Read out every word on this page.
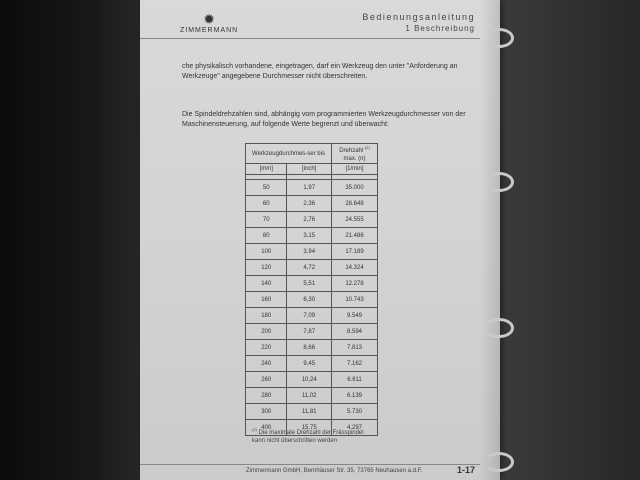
✹
ZIMMERMANN
Bedienungsanleitung
1 Beschreibung
che physikalisch vorhandene, eingetragen, darf ein Werkzeug den unter "Anforderung an Werkzeuge" angegebene Durchmesser nicht überschreiten.
Die Spindeldrehzahlen sind, abhängig vom programmierten Werkzeugdurchmesser von der Maschinensteuerung, auf folgende Werte begrenzt und überwacht:
Werkzeugdurchmes-ser bis		Drehzahl $^{(2)}$
max. (n)
[mm]	[inch]	[1/min]

50	1,97	35.000
60	2,36	28.648
70	2,76	24.555
80	3,15	21.486
100	3,94	17.189
120	4,72	14.324
140	5,51	12.278
160	6,30	10.743
180	7,09	9.549
200	7,87	8.594
220	8,66	7.813
240	9,45	7.162
260	10,24	6.611
280	11,02	6.139
300	11,81	5.730
400	15,75	4.297
$^{(2)}$ Die maximale Drehzahl der Frässpindel
kann nicht überschritten werden
Zimmermann GmbH, Bernhäuser Str. 35, 73765 Neuhausen a.d.F.	1-17
